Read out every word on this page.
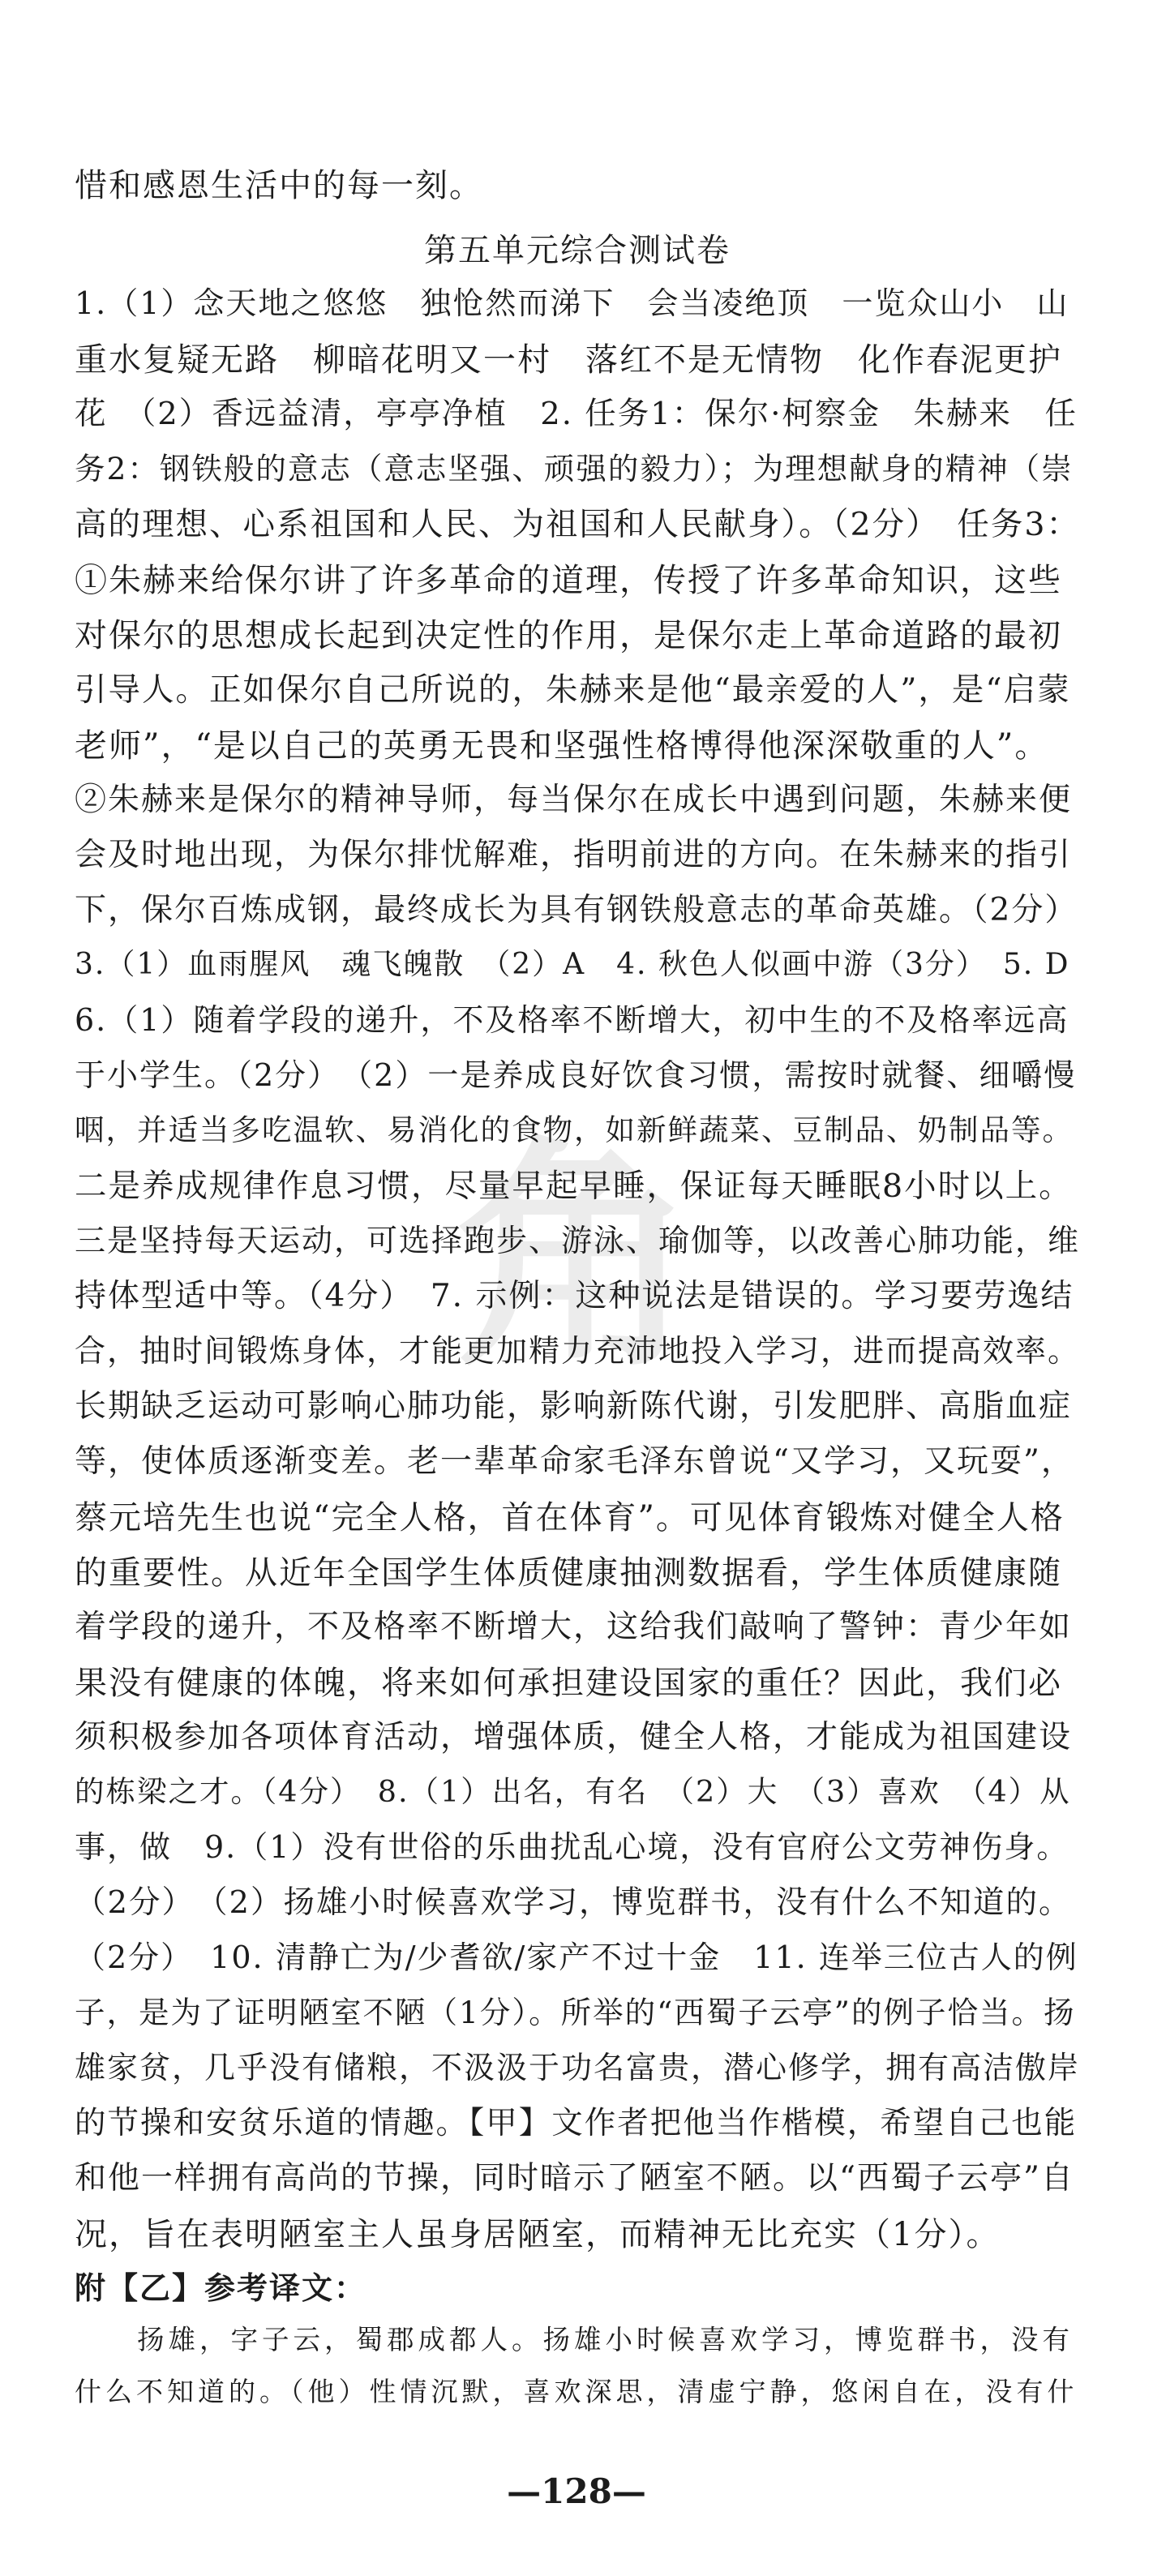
角
惜和感恩生活中的每一刻。
第五单元综合测试卷
1.（1）念天地之悠悠　独怆然而涕下　会当凌绝顶　一览众山小　山
重水复疑无路　柳暗花明又一村　落红不是无情物　化作春泥更护
花　（2）香远益清，亭亭净植　2. 任务1：保尔·柯察金　朱赫来　任
务2：钢铁般的意志（意志坚强、顽强的毅力）；为理想献身的精神（崇
高的理想、心系祖国和人民、为祖国和人民献身）。（2分）　任务3：
①朱赫来给保尔讲了许多革命的道理，传授了许多革命知识，这些
对保尔的思想成长起到决定性的作用，是保尔走上革命道路的最初
引导人。正如保尔自己所说的，朱赫来是他“最亲爱的人”，是“启蒙
老师”，“是以自己的英勇无畏和坚强性格博得他深深敬重的人”。
②朱赫来是保尔的精神导师，每当保尔在成长中遇到问题，朱赫来便
会及时地出现，为保尔排忧解难，指明前进的方向。在朱赫来的指引
下，保尔百炼成钢，最终成长为具有钢铁般意志的革命英雄。（2分）
3.（1）血雨腥风　魂飞魄散　（2）A　4. 秋色人似画中游（3分）　5. D
6.（1）随着学段的递升，不及格率不断增大，初中生的不及格率远高
于小学生。（2分）　（2）一是养成良好饮食习惯，需按时就餐、细嚼慢
咽，并适当多吃温软、易消化的食物，如新鲜蔬菜、豆制品、奶制品等。
二是养成规律作息习惯，尽量早起早睡，保证每天睡眠8小时以上。
三是坚持每天运动，可选择跑步、游泳、瑜伽等，以改善心肺功能，维
持体型适中等。（4分）　7. 示例：这种说法是错误的。学习要劳逸结
合，抽时间锻炼身体，才能更加精力充沛地投入学习，进而提高效率。
长期缺乏运动可影响心肺功能，影响新陈代谢，引发肥胖、高脂血症
等，使体质逐渐变差。老一辈革命家毛泽东曾说“又学习，又玩耍”，
蔡元培先生也说“完全人格，首在体育”。可见体育锻炼对健全人格
的重要性。从近年全国学生体质健康抽测数据看，学生体质健康随
着学段的递升，不及格率不断增大，这给我们敲响了警钟：青少年如
果没有健康的体魄，将来如何承担建设国家的重任？因此，我们必
须积极参加各项体育活动，增强体质，健全人格，才能成为祖国建设
的栋梁之才。（4分）　8.（1）出名，有名　（2）大　（3）喜欢　（4）从
事，做　9.（1）没有世俗的乐曲扰乱心境，没有官府公文劳神伤身。
（2分）　（2）扬雄小时候喜欢学习，博览群书，没有什么不知道的。
（2分）　10. 清静亡为/少耆欲/家产不过十金　11. 连举三位古人的例
子，是为了证明陋室不陋（1分）。所举的“西蜀子云亭”的例子恰当。扬
雄家贫，几乎没有储粮，不汲汲于功名富贵，潜心修学，拥有高洁傲岸
的节操和安贫乐道的情趣。【甲】文作者把他当作楷模，希望自己也能
和他一样拥有高尚的节操，同时暗示了陋室不陋。以“西蜀子云亭”自
况，旨在表明陋室主人虽身居陋室，而精神无比充实（1分）。
附【乙】参考译文：
　　扬雄，字子云，蜀郡成都人。扬雄小时候喜欢学习，博览群书，没有
什么不知道的。（他）性情沉默，喜欢深思，清虚宁静，悠闲自在，没有什
—128—
